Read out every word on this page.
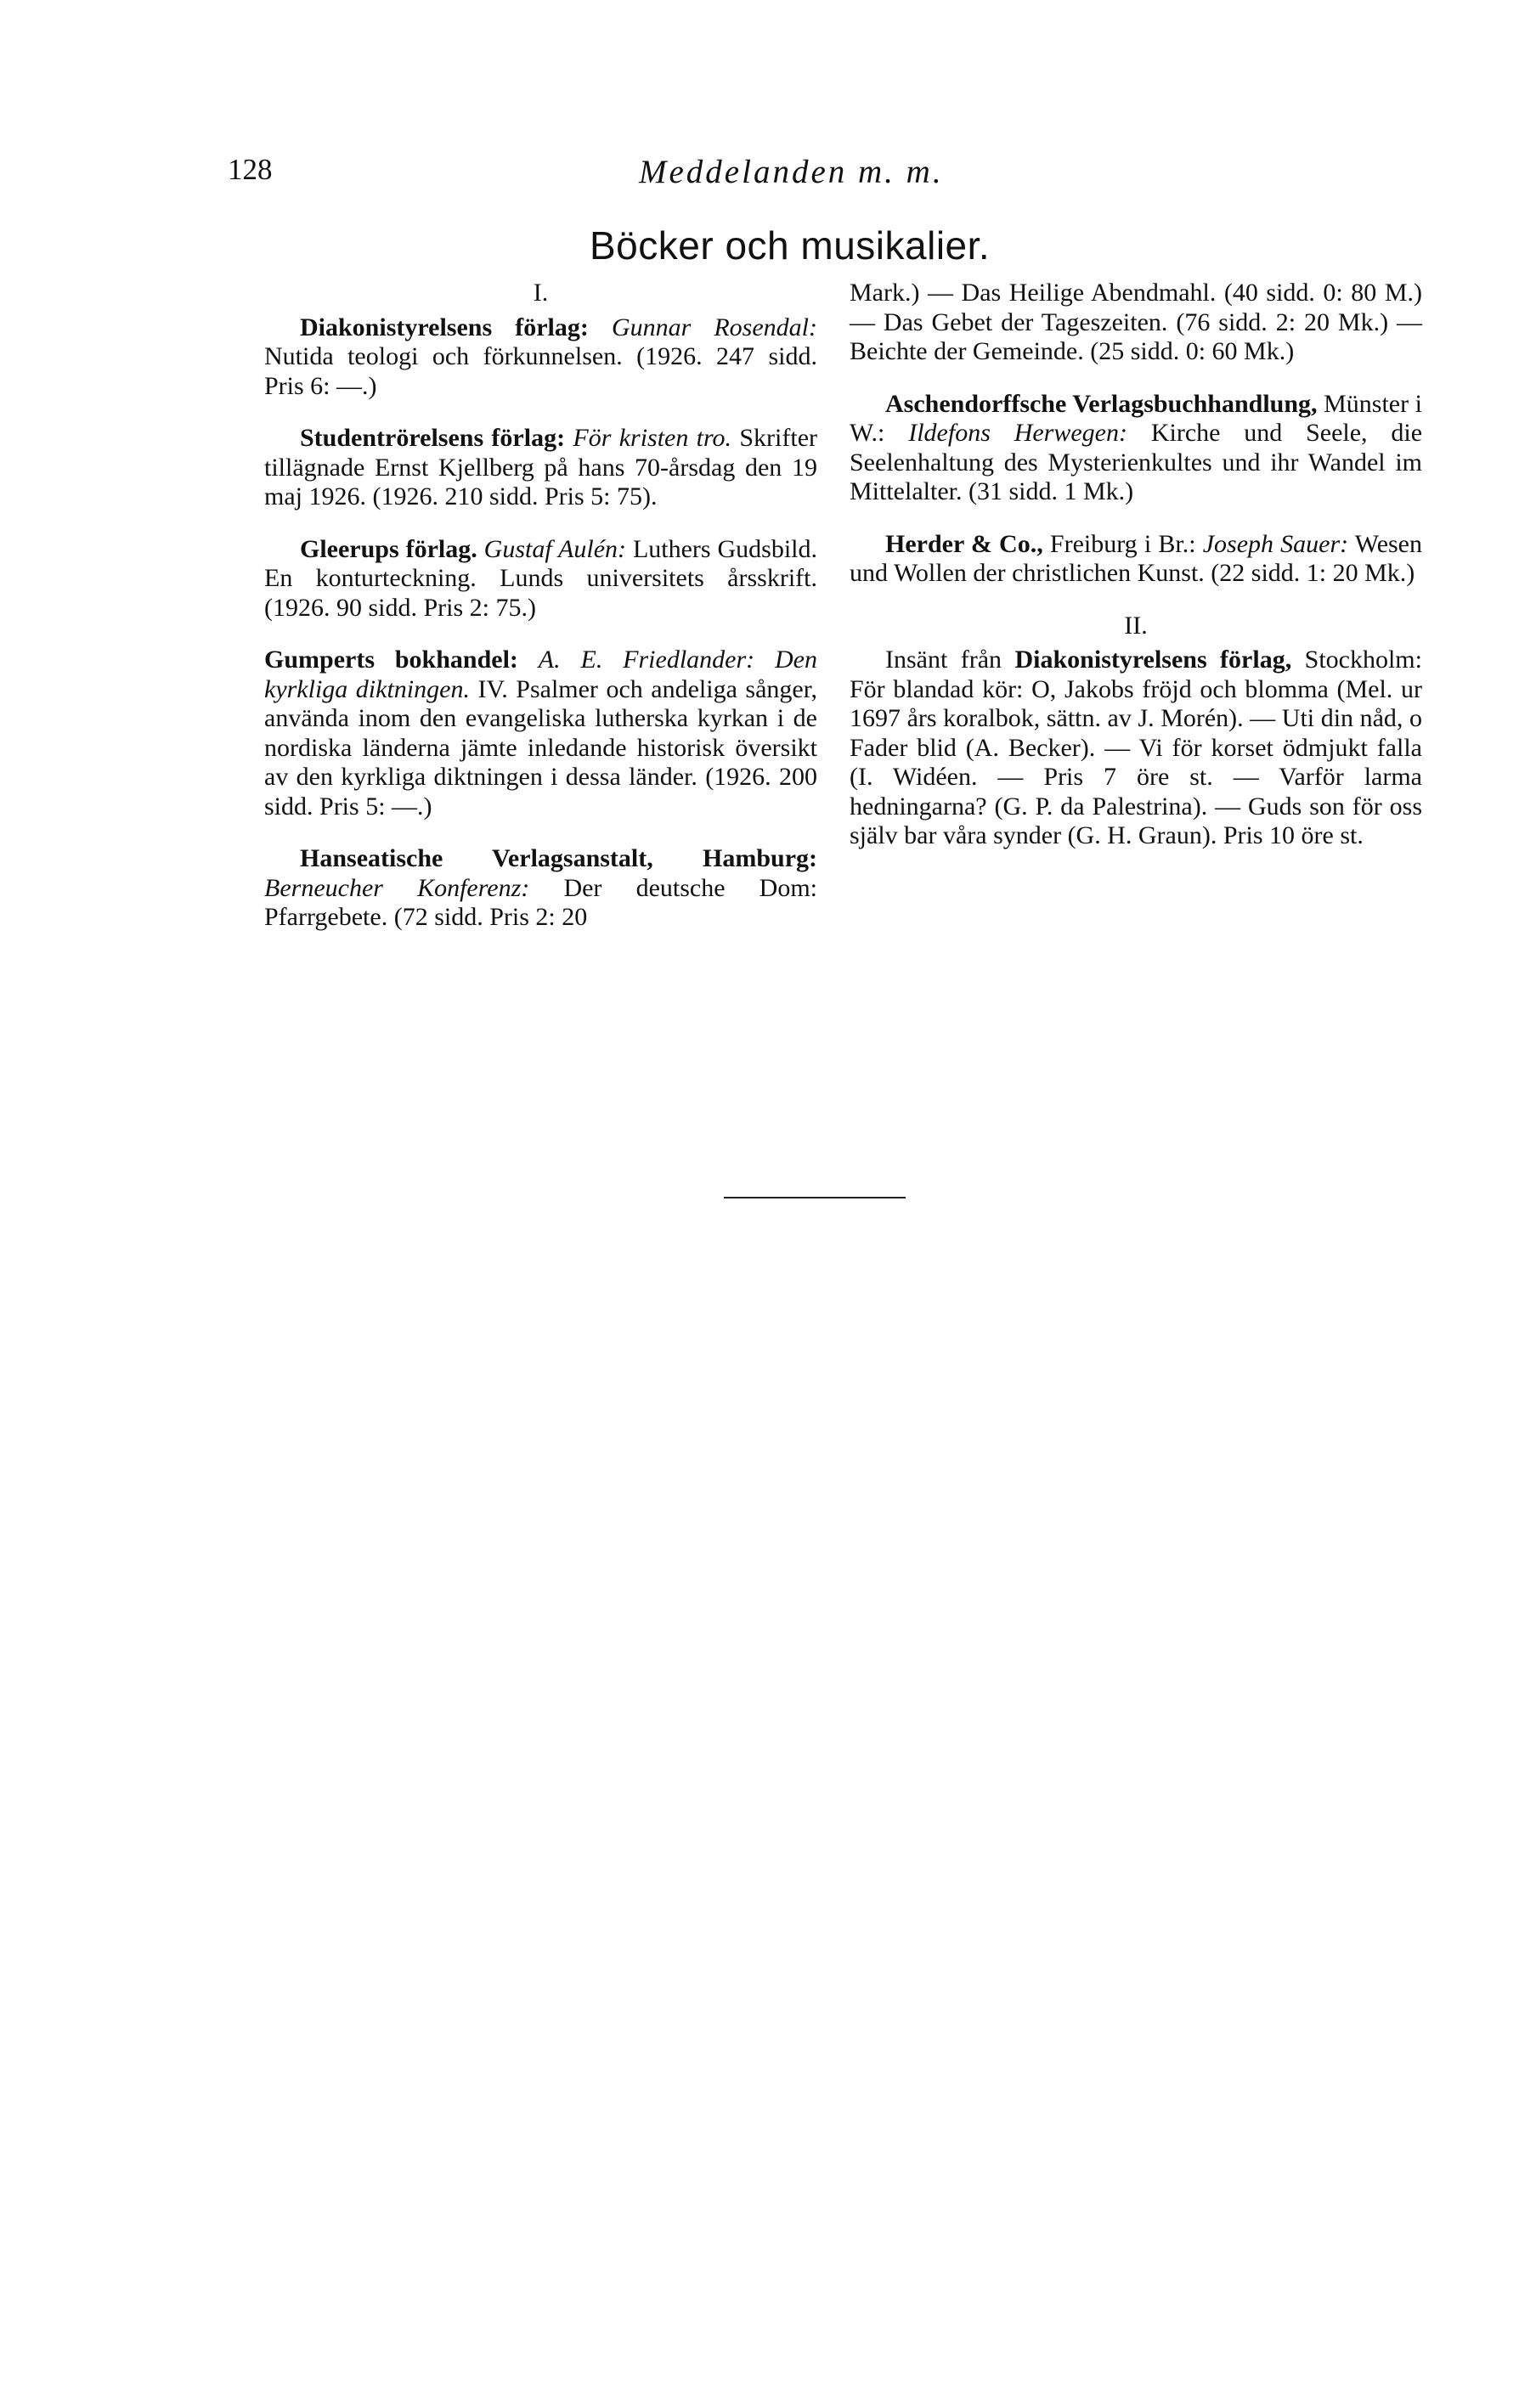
128	Meddelanden m. m.
Böcker och musikalier.
I.

Diakonistyrelsens förlag: Gunnar Rosendal: Nutida teologi och förkunnelsen. (1926. 247 sidd. Pris 6: —.)

Studentrörelsens förlag: För kristen tro. Skrifter tillägnade Ernst Kjellberg på hans 70-årsdag den 19 maj 1926. (1926. 210 sidd. Pris 5: 75).

Gleerups förlag. Gustaf Aulén: Luthers Gudsbild. En konturteckning. Lunds universitets årsskrift. (1926. 90 sidd. Pris 2: 75.)

Gumperts bokhandel: A. E. Friedlander: Den kyrkliga diktningen. IV. Psalmer och andeliga sånger, använda inom den evangeliska lutherska kyrkan i de nordiska länderna jämte inledande historisk översikt av den kyrkliga diktningen i dessa länder. (1926. 200 sidd. Pris 5: —.)

Hanseatische Verlagsanstalt, Hamburg: Berneucher Konferenz: Der deutsche Dom: Pfarrgebete. (72 sidd. Pris 2: 20

Mark.) — Das Heilige Abendmahl. (40 sidd. 0: 80 M.) — Das Gebet der Tageszeiten. (76 sidd. 2: 20 Mk.) — Beichte der Gemeinde. (25 sidd. 0: 60 Mk.)

Aschendorffsche Verlagsbuchhandlung, Münster i W.: Ildefons Herwegen: Kirche und Seele, die Seelenhaltung des Mysterienkultes und ihr Wandel im Mittelalter. (31 sidd. 1 Mk.)

Herder & Co., Freiburg i Br.: Joseph Sauer: Wesen und Wollen der christlichen Kunst. (22 sidd. 1: 20 Mk.)

II.

Insänt från Diakonistyrelsens förlag, Stockholm: För blandad kör: O, Jakobs fröjd och blomma (Mel. ur 1697 års koralbok, sättn. av J. Morén). — Uti din nåd, o Fader blid (A. Becker). — Vi för korset ödmjukt falla (I. Widéen. — Pris 7 öre st. — Varför larma hedningarna? (G. P. da Palestrina). — Guds son för oss själv bar våra synder (G. H. Graun). Pris 10 öre st.
